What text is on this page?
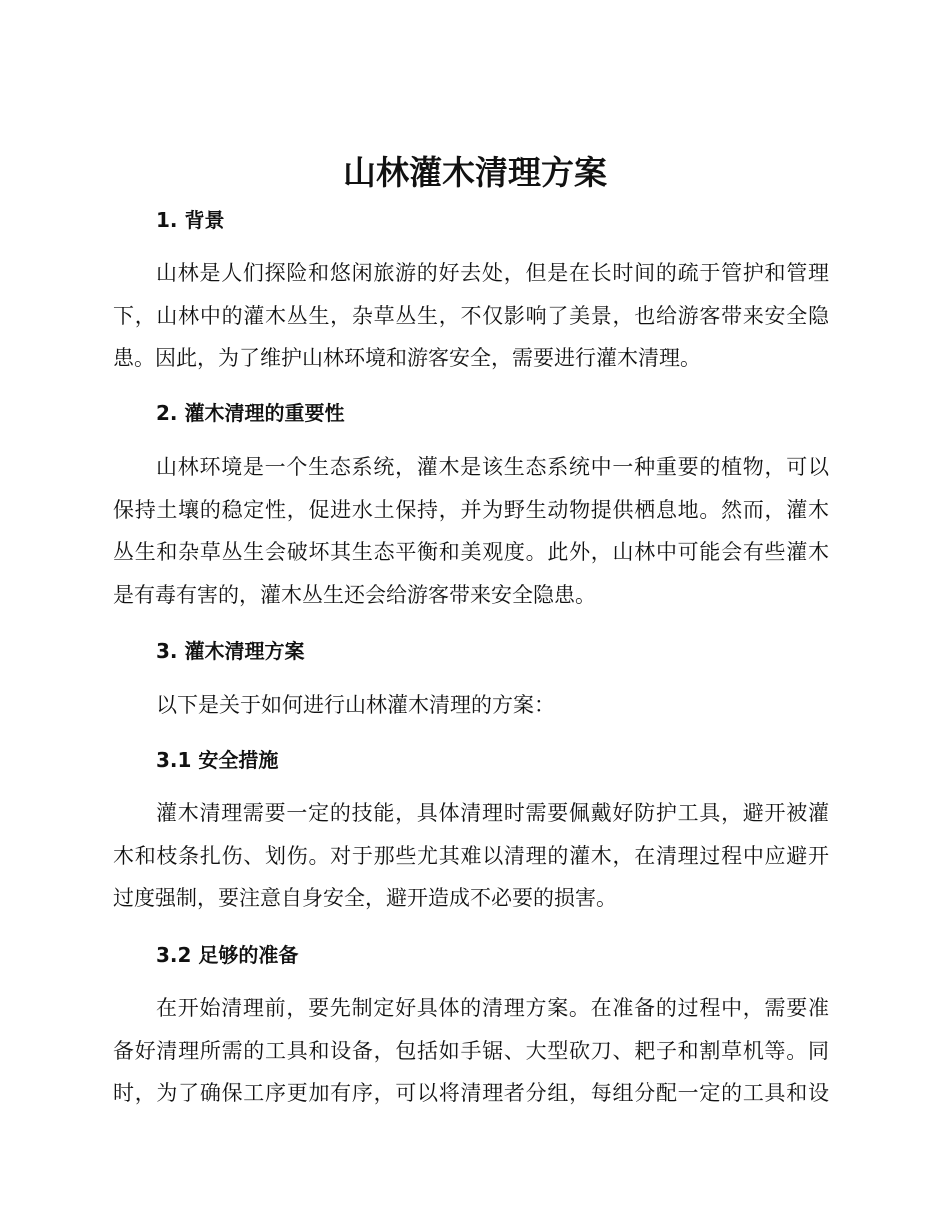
山林灌木清理方案
1. 背景
山林是人们探险和悠闲旅游的好去处，但是在长时间的疏于管护和管理
下，山林中的灌木丛生，杂草丛生，不仅影响了美景，也给游客带来安全隐
患。因此，为了维护山林环境和游客安全，需要进行灌木清理。
2. 灌木清理的重要性
山林环境是一个生态系统，灌木是该生态系统中一种重要的植物，可以
保持土壤的稳定性，促进水土保持，并为野生动物提供栖息地。然而，灌木
丛生和杂草丛生会破坏其生态平衡和美观度。此外，山林中可能会有些灌木
是有毒有害的，灌木丛生还会给游客带来安全隐患。
3. 灌木清理方案
以下是关于如何进行山林灌木清理的方案：
3.1 安全措施
灌木清理需要一定的技能，具体清理时需要佩戴好防护工具，避开被灌
木和枝条扎伤、划伤。对于那些尤其难以清理的灌木，在清理过程中应避开
过度强制，要注意自身安全，避开造成不必要的损害。
3.2 足够的准备
在开始清理前，要先制定好具体的清理方案。在准备的过程中，需要准
备好清理所需的工具和设备，包括如手锯、大型砍刀、耙子和割草机等。同
时，为了确保工序更加有序，可以将清理者分组，每组分配一定的工具和设
